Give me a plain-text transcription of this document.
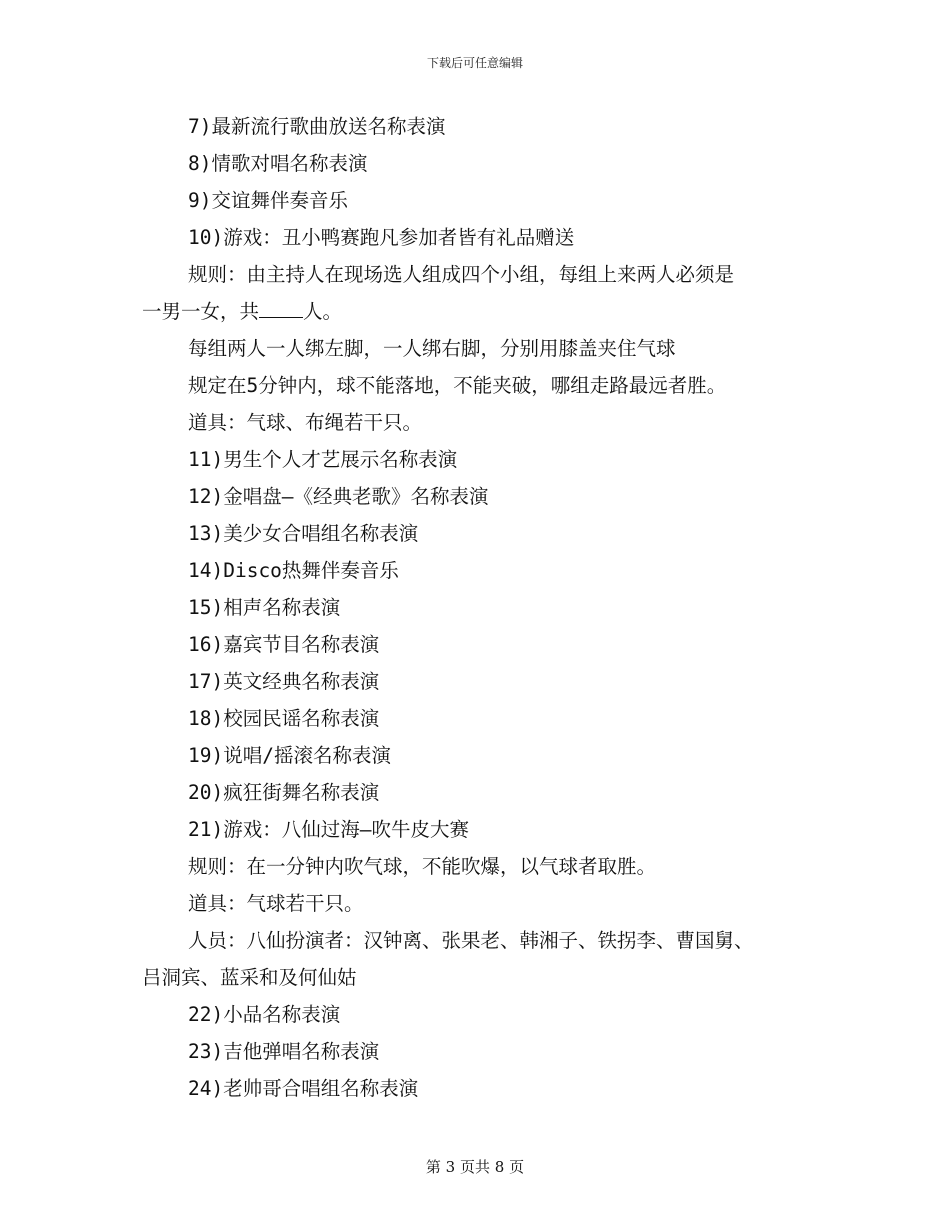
下载后可任意编辑
7)最新流行歌曲放送名称表演
8)情歌对唱名称表演
9)交谊舞伴奏音乐
10)游戏：丑小鸭赛跑凡参加者皆有礼品赠送
规则：由主持人在现场选人组成四个小组，每组上来两人必须是
一男一女，共 人。
每组两人一人绑左脚，一人绑右脚，分别用膝盖夹住气球
规定在5分钟内，球不能落地，不能夹破，哪组走路最远者胜。
道具：气球、布绳若干只。
11)男生个人才艺展示名称表演
12)金唱盘—《经典老歌》名称表演
13)美少女合唱组名称表演
14)Disco热舞伴奏音乐
15)相声名称表演
16)嘉宾节目名称表演
17)英文经典名称表演
18)校园民谣名称表演
19)说唱/摇滚名称表演
20)疯狂街舞名称表演
21)游戏：八仙过海—吹牛皮大赛
规则：在一分钟内吹气球，不能吹爆，以气球者取胜。
道具：气球若干只。
人员：八仙扮演者：汉钟离、张果老、韩湘子、铁拐李、曹国舅、
吕洞宾、蓝采和及何仙姑
22)小品名称表演
23)吉他弹唱名称表演
24)老帅哥合唱组名称表演
第 3 页共 8 页
